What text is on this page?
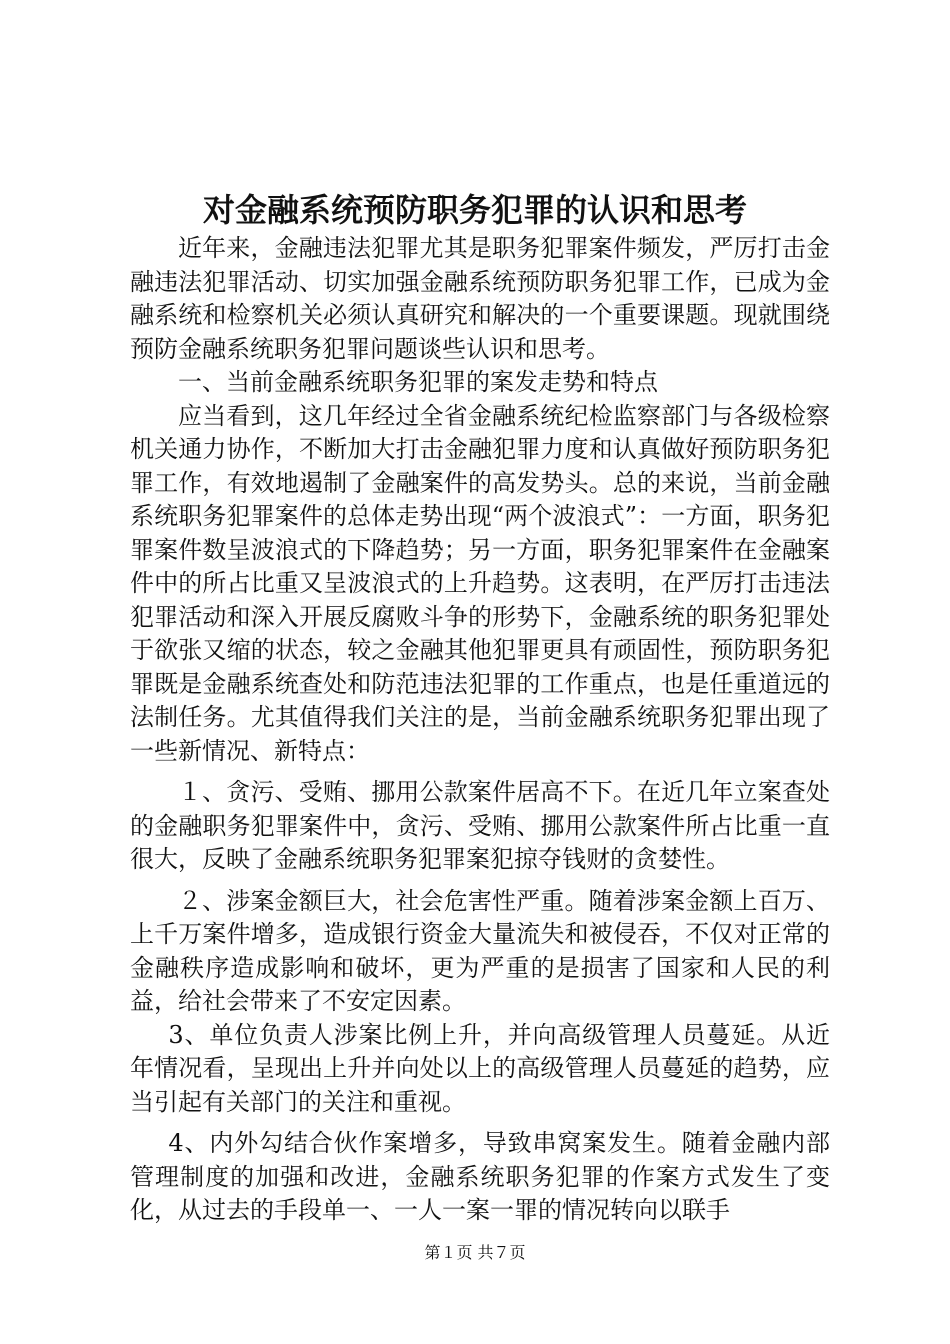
对金融系统预防职务犯罪的认识和思考

近年来，金融违法犯罪尤其是职务犯罪案件频发，严厉打击金融违法犯罪活动、切实加强金融系统预防职务犯罪工作，已成为金融系统和检察机关必须认真研究和解决的一个重要课题。现就围绕预防金融系统职务犯罪问题谈些认识和思考。

一、当前金融系统职务犯罪的案发走势和特点

应当看到，这几年经过全省金融系统纪检监察部门与各级检察机关通力协作，不断加大打击金融犯罪力度和认真做好预防职务犯罪工作，有效地遏制了金融案件的高发势头。总的来说，当前金融系统职务犯罪案件的总体走势出现“两个波浪式”：一方面，职务犯罪案件数呈波浪式的下降趋势；另一方面，职务犯罪案件在金融案件中的所占比重又呈波浪式的上升趋势。这表明，在严厉打击违法犯罪活动和深入开展反腐败斗争的形势下，金融系统的职务犯罪处于欲张又缩的状态，较之金融其他犯罪更具有顽固性，预防职务犯罪既是金融系统查处和防范违法犯罪的工作重点，也是任重道远的法制任务。尤其值得我们关注的是，当前金融系统职务犯罪出现了一些新情况、新特点：

１、贪污、受贿、挪用公款案件居高不下。在近几年立案查处的金融职务犯罪案件中，贪污、受贿、挪用公款案件所占比重一直很大，反映了金融系统职务犯罪案犯掠夺钱财的贪婪性。

２、涉案金额巨大，社会危害性严重。随着涉案金额上百万、上千万案件增多，造成银行资金大量流失和被侵吞，不仅对正常的金融秩序造成影响和破坏，更为严重的是损害了国家和人民的利益，给社会带来了不安定因素。

3、单位负责人涉案比例上升，并向高级管理人员蔓延。从近年情况看，呈现出上升并向处以上的高级管理人员蔓延的趋势，应当引起有关部门的关注和重视。

4、内外勾结合伙作案增多，导致串窝案发生。随着金融内部管理制度的加强和改进，金融系统职务犯罪的作案方式发生了变化，从过去的手段单一、一人一案一罪的情况转向以联手

第１页 共７页
